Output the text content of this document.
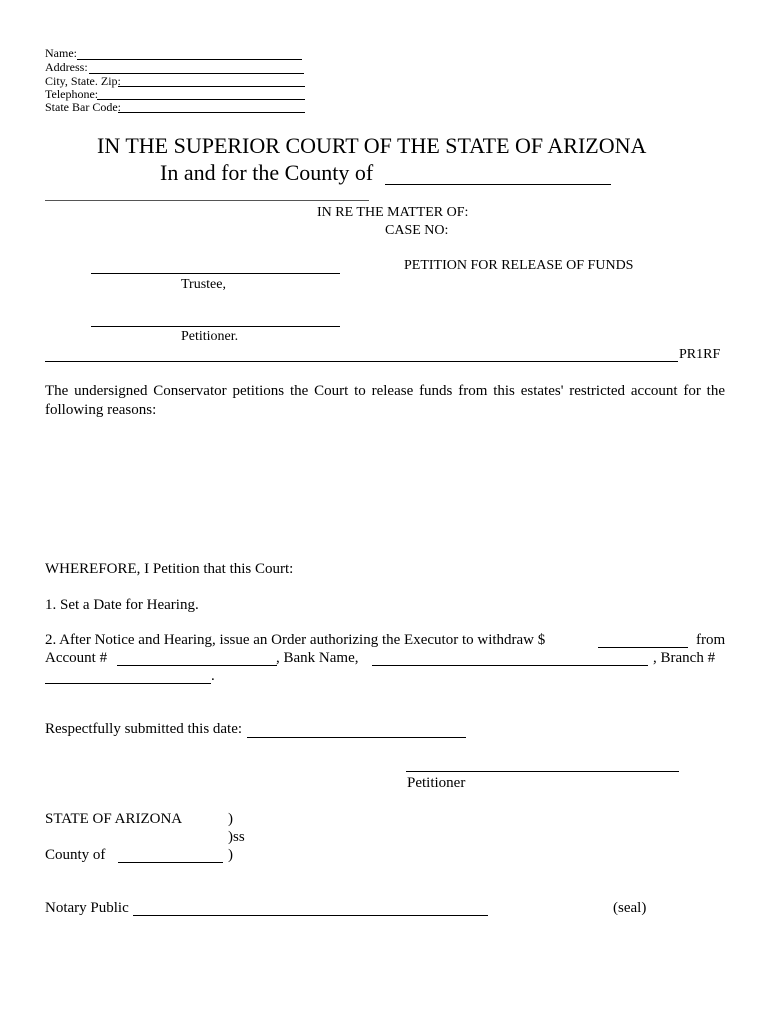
Name:
Address:
City, State. Zip:
Telephone:
State Bar Code:
IN THE SUPERIOR COURT OF THE STATE OF ARIZONA
In and for the County of
IN RE THE MATTER OF:
CASE NO:
PETITION FOR RELEASE OF FUNDS
Trustee,
Petitioner.
PR1RF
The undersigned Conservator petitions the Court to release funds from this estates' restricted account for the following reasons:
WHEREFORE, I Petition that this Court:
1. Set a Date for Hearing.
2. After Notice and Hearing, issue an Order authorizing the Executor to withdraw $	from
Account #	, Bank Name,	, Branch #
.
Respectfully submitted this date:
Petitioner
STATE OF ARIZONA	)
)ss
County of	)
Notary Public	(seal)
